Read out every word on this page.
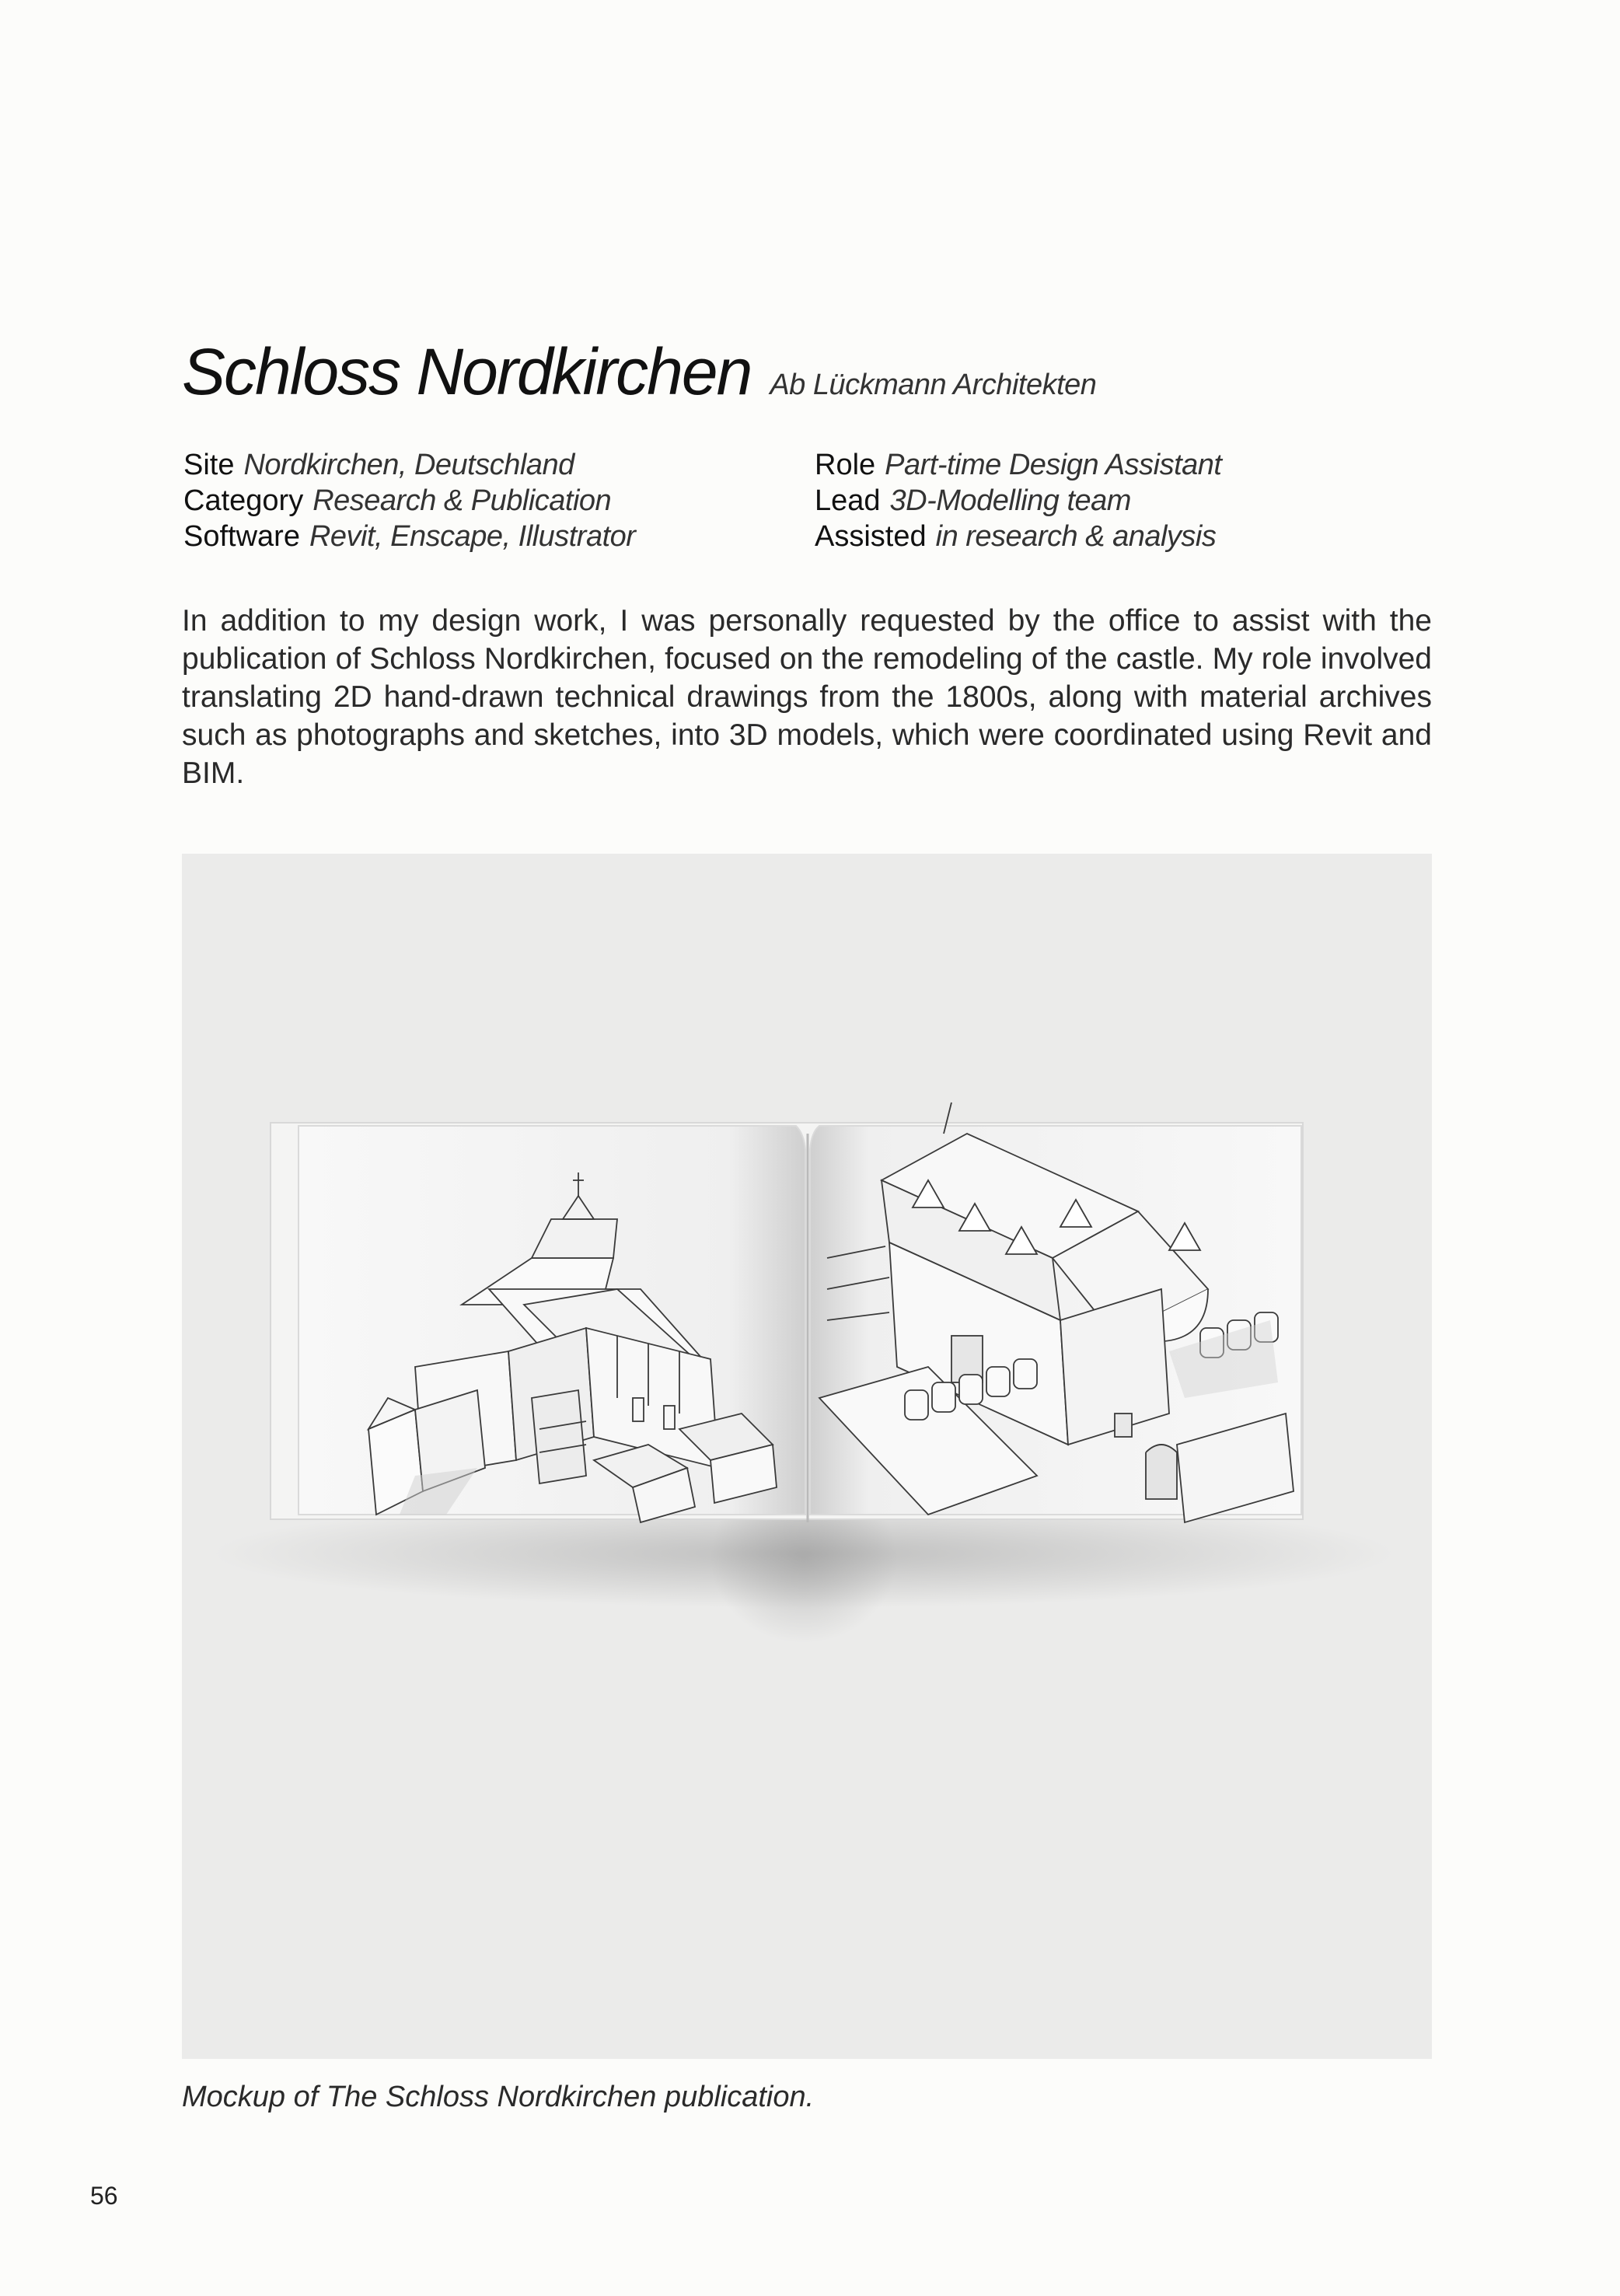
Schloss Nordkirchen Ab Lückmann Architekten
Site Nordkirchen, Deutschland
Category Research & Publication
Software Revit, Enscape, Illustrator
Role Part-time Design Assistant
Lead 3D-Modelling team
Assisted in research & analysis

In addition to my design work, I was personally requested by the office to assist with the publication of Schloss Nordkirchen, focused on the remodeling of the castle. My role involved translating 2D hand-drawn technical drawings from the 1800s, along with material archives such as photographs and sketches, into 3D models, which were coordinated using Revit and BIM.

Mockup of The Schloss Nordkirchen publication.
56
